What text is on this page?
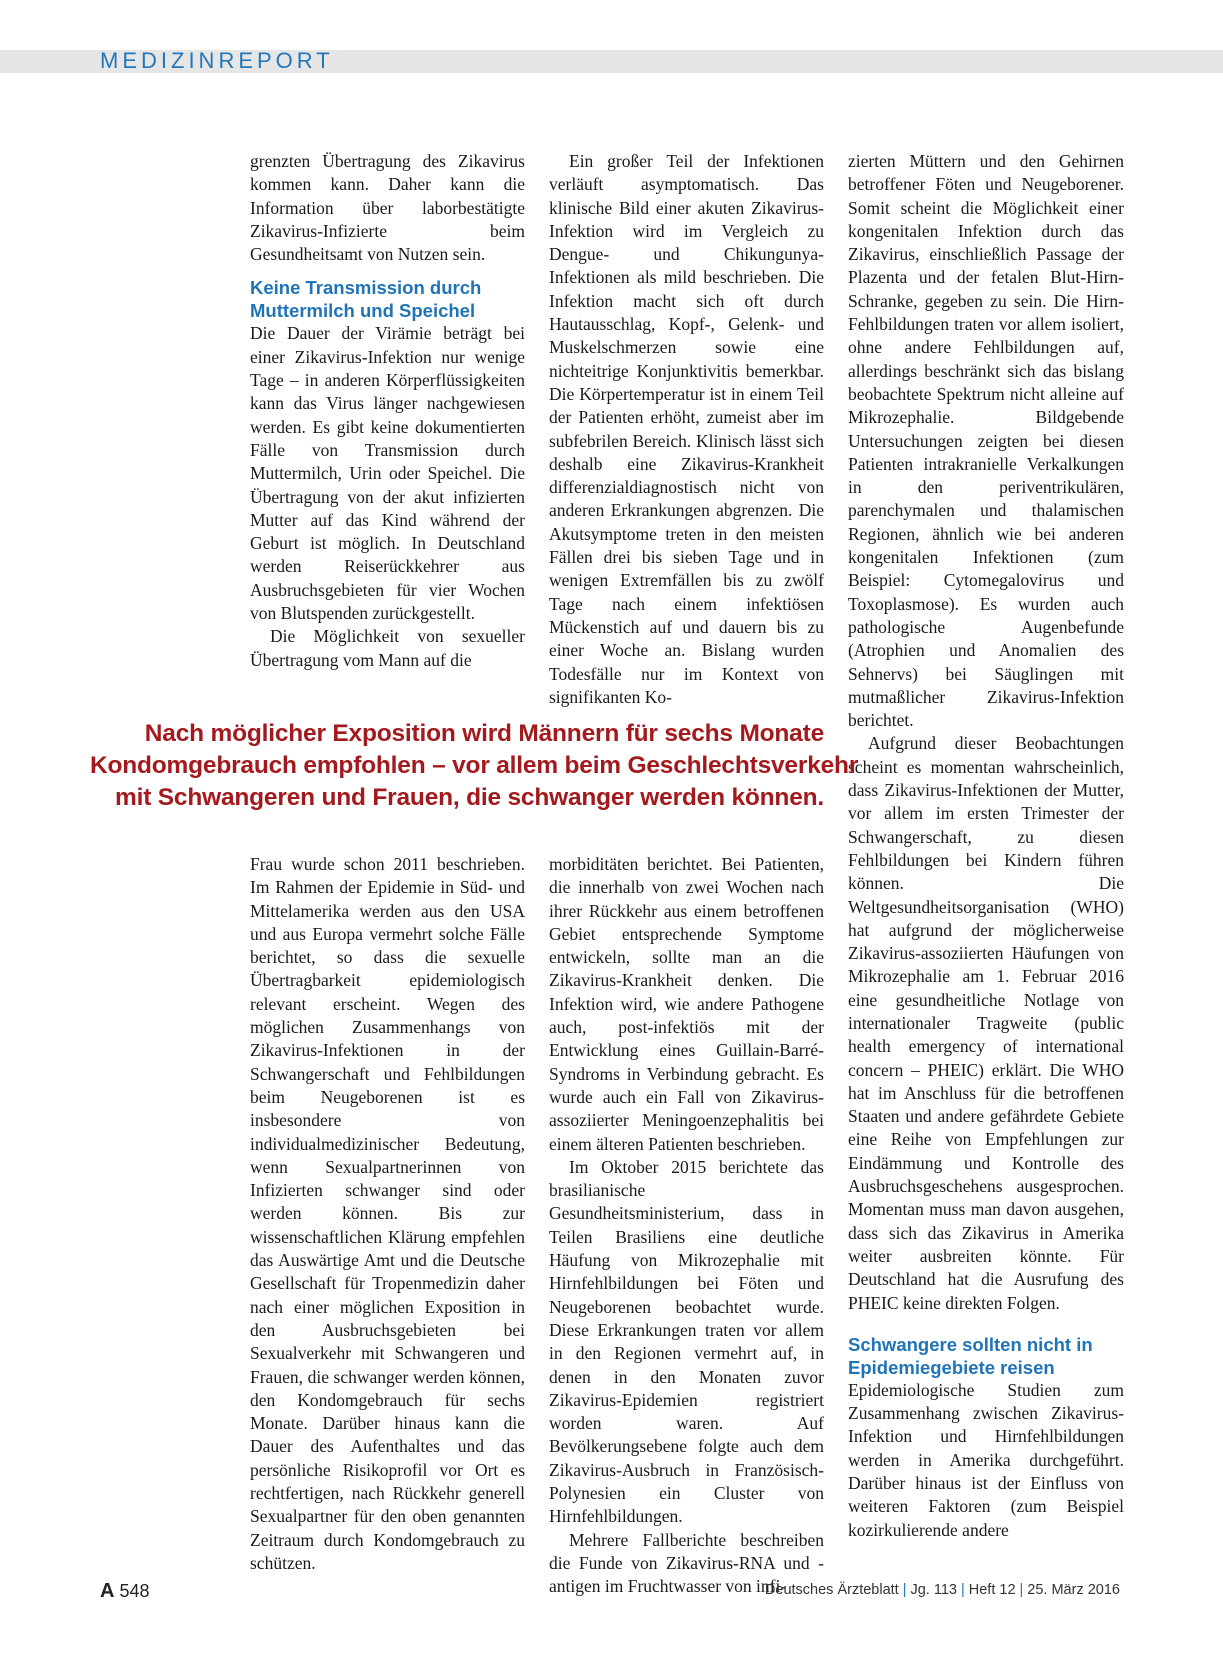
MEDIZINREPORT

grenzten Übertragung des Zikavirus kommen kann. Daher kann die Information über laborbestätigte Zikavirus-Infizierte beim Gesundheitsamt von Nutzen sein.

Keine Transmission durch Muttermilch und Speichel

Die Dauer der Virämie beträgt bei einer Zikavirus-Infektion nur wenige Tage – in anderen Körperflüssigkeiten kann das Virus länger nachgewiesen werden. Es gibt keine dokumentierten Fälle von Transmission durch Muttermilch, Urin oder Speichel. Die Übertragung von der akut infizierten Mutter auf das Kind während der Geburt ist möglich. In Deutschland werden Reiserückkehrer aus Ausbruchsgebieten für vier Wochen von Blutspenden zurückgestellt.

Die Möglichkeit von sexueller Übertragung vom Mann auf die

Ein großer Teil der Infektionen verläuft asymptomatisch. Das klinische Bild einer akuten Zikavirus-Infektion wird im Vergleich zu Dengue- und Chikungunya-Infektionen als mild beschrieben. Die Infektion macht sich oft durch Hautausschlag, Kopf-, Gelenk- und Muskelschmerzen sowie eine nichteitrige Konjunktivitis bemerkbar. Die Körpertemperatur ist in einem Teil der Patienten erhöht, zumeist aber im subfebrilen Bereich. Klinisch lässt sich deshalb eine Zikavirus-Krankheit differenzialdiagnostisch nicht von anderen Erkrankungen abgrenzen. Die Akutsymptome treten in den meisten Fällen drei bis sieben Tage und in wenigen Extremfällen bis zu zwölf Tage nach einem infektiösen Mückenstich auf und dauern bis zu einer Woche an. Bislang wurden Todesfälle nur im Kontext von signifikanten Ko-

zierten Müttern und den Gehirnen betroffener Föten und Neugeborener. Somit scheint die Möglichkeit einer kongenitalen Infektion durch das Zikavirus, einschließlich Passage der Plazenta und der fetalen Blut-Hirn-Schranke, gegeben zu sein. Die Hirn-Fehlbildungen traten vor allem isoliert, ohne andere Fehlbildungen auf, allerdings beschränkt sich das bislang beobachtete Spektrum nicht alleine auf Mikrozephalie. Bildgebende Untersuchungen zeigten bei diesen Patienten intrakranielle Verkalkungen in den periventrikulären, parenchymalen und thalamischen Regionen, ähnlich wie bei anderen kongenitalen Infektionen (zum Beispiel: Cytomegalovirus und Toxoplasmose). Es wurden auch pathologische Augenbefunde (Atrophien und Anomalien des Sehnervs) bei Säuglingen mit mutmaßlicher Zikavirus-Infektion berichtet.

Aufgrund dieser Beobachtungen scheint es momentan wahrscheinlich, dass Zikavirus-Infektionen der Mutter, vor allem im ersten Trimester der Schwangerschaft, zu diesen Fehlbildungen bei Kindern führen können. Die Weltgesundheitsorganisation (WHO) hat aufgrund der möglicherweise Zikavirus-assoziierten Häufungen von Mikrozephalie am 1. Februar 2016 eine gesundheitliche Notlage von internationaler Tragweite (public health emergency of international concern – PHEIC) erklärt. Die WHO hat im Anschluss für die betroffenen Staaten und andere gefährdete Gebiete eine Reihe von Empfehlungen zur Eindämmung und Kontrolle des Ausbruchsgeschehens ausgesprochen. Momentan muss man davon ausgehen, dass sich das Zikavirus in Amerika weiter ausbreiten könnte. Für Deutschland hat die Ausrufung des PHEIC keine direkten Folgen.

Schwangere sollten nicht in Epidemiegebiete reisen

Epidemiologische Studien zum Zusammenhang zwischen Zikavirus-Infektion und Hirnfehlbildungen werden in Amerika durchgeführt. Darüber hinaus ist der Einfluss von weiteren Faktoren (zum Beispiel kozirkulierende andere

Nach möglicher Exposition wird Männern für sechs Monate
Kondomgebrauch empfohlen – vor allem beim Geschlechtsverkehr
mit Schwangeren und Frauen, die schwanger werden können.

Frau wurde schon 2011 beschrieben. Im Rahmen der Epidemie in Süd- und Mittelamerika werden aus den USA und aus Europa vermehrt solche Fälle berichtet, so dass die sexuelle Übertragbarkeit epidemiologisch relevant erscheint. Wegen des möglichen Zusammenhangs von Zikavirus-Infektionen in der Schwangerschaft und Fehlbildungen beim Neugeborenen ist es insbesondere von individualmedizinischer Bedeutung, wenn Sexualpartnerinnen von Infizierten schwanger sind oder werden können. Bis zur wissenschaftlichen Klärung empfehlen das Auswärtige Amt und die Deutsche Gesellschaft für Tropenmedizin daher nach einer möglichen Exposition in den Ausbruchsgebieten bei Sexualverkehr mit Schwangeren und Frauen, die schwanger werden können, den Kondomgebrauch für sechs Monate. Darüber hinaus kann die Dauer des Aufenthaltes und das persönliche Risikoprofil vor Ort es rechtfertigen, nach Rückkehr generell Sexualpartner für den oben genannten Zeitraum durch Kondomgebrauch zu schützen.

morbiditäten berichtet. Bei Patienten, die innerhalb von zwei Wochen nach ihrer Rückkehr aus einem betroffenen Gebiet entsprechende Symptome entwickeln, sollte man an die Zikavirus-Krankheit denken. Die Infektion wird, wie andere Pathogene auch, post-infektiös mit der Entwicklung eines Guillain-Barré-Syndroms in Verbindung gebracht. Es wurde auch ein Fall von Zikavirus-assoziierter Meningoenzephalitis bei einem älteren Patienten beschrieben.

Im Oktober 2015 berichtete das brasilianische Gesundheitsministerium, dass in Teilen Brasiliens eine deutliche Häufung von Mikrozephalie mit Hirnfehlbildungen bei Föten und Neugeborenen beobachtet wurde. Diese Erkrankungen traten vor allem in den Regionen vermehrt auf, in denen in den Monaten zuvor Zikavirus-Epidemien registriert worden waren. Auf Bevölkerungsebene folgte auch dem Zikavirus-Ausbruch in Französisch-Polynesien ein Cluster von Hirnfehlbildungen.

Mehrere Fallberichte beschreiben die Funde von Zikavirus-RNA und -antigen im Fruchtwasser von infi-

A 548	Deutsches Ärzteblatt | Jg. 113 | Heft 12 | 25. März 2016
